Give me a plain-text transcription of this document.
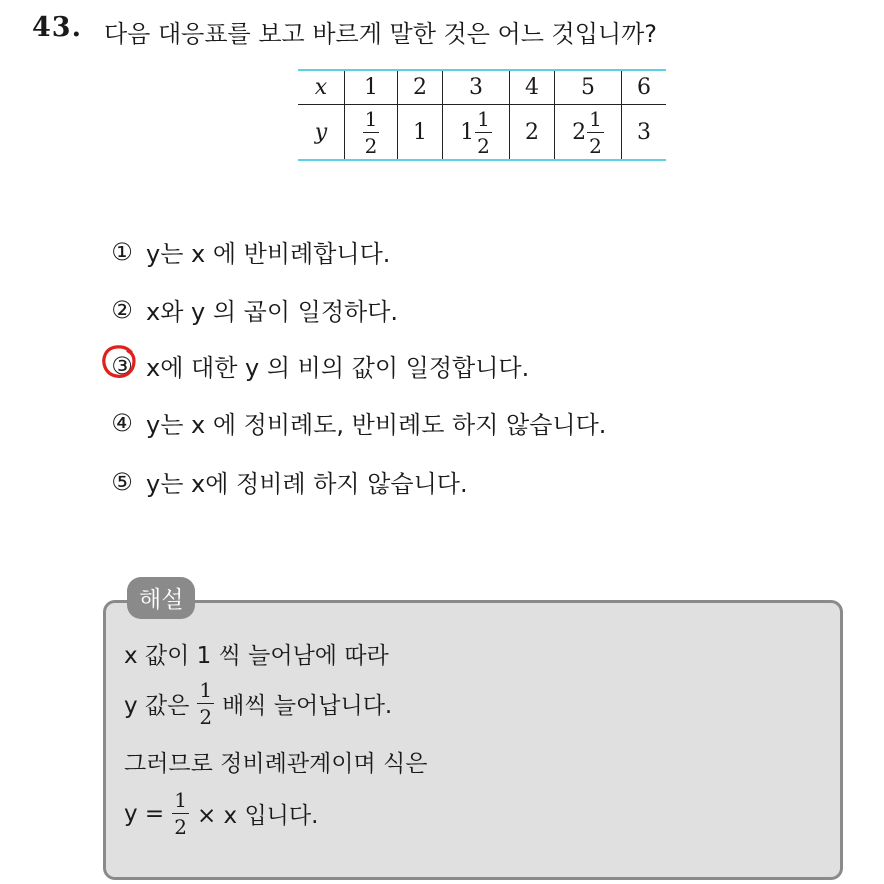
43. 다음 대응표를 보고 바르게 말한 것은 어느 것입니까?
x	1	2	3	4	5	6
y	$\frac{1}{2}$	1	$1 \frac{1}{2}$	2	$2 \frac{1}{2}$	3
① y는 x 에 반비례합니다.
② x와 y 의 곱이 일정하다.
③ x에 대한 y 의 비의 값이 일정합니다.
④ y는 x 에 정비례도, 반비례도 하지 않습니다.
⑤ y는 x에 정비례 하지 않습니다.
해설
x 값이 1 씩 늘어남에 따라
y 값은 $\frac{1}{2}$ 배씩 늘어납니다.
그러므로 정비례관계이며 식은
$y = \frac{1}{2} \times x$ 입니다.
